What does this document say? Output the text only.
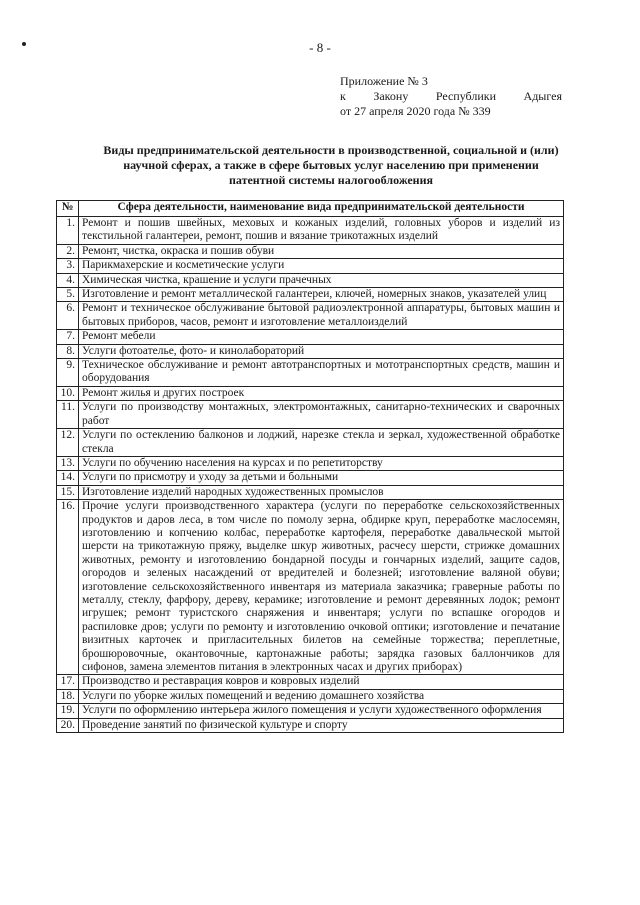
- 8 -
Приложение № 3
к Закону Республики Адыгея
от 27 апреля 2020 года № 339
Виды предпринимательской деятельности в производственной, социальной и (или) научной сферах, а также в сфере бытовых услуг населению при применении патентной системы налогообложения
№	Сфера деятельности, наименование вида предпринимательской деятельности
1.	Ремонт и пошив швейных, меховых и кожаных изделий, головных уборов и изделий из текстильной галантереи, ремонт, пошив и вязание трикотажных изделий
2.	Ремонт, чистка, окраска и пошив обуви
3.	Парикмахерские и косметические услуги
4.	Химическая чистка, крашение и услуги прачечных
5.	Изготовление и ремонт металлической галантереи, ключей, номерных знаков, указателей улиц
6.	Ремонт и техническое обслуживание бытовой радиоэлектронной аппаратуры, бытовых машин и бытовых приборов, часов, ремонт и изготовление металлоизделий
7.	Ремонт мебели
8.	Услуги фотоателье, фото- и кинолабораторий
9.	Техническое обслуживание и ремонт автотранспортных и мототранспортных средств, машин и оборудования
10.	Ремонт жилья и других построек
11.	Услуги по производству монтажных, электромонтажных, санитарно-технических и сварочных работ
12.	Услуги по остеклению балконов и лоджий, нарезке стекла и зеркал, художественной обработке стекла
13.	Услуги по обучению населения на курсах и по репетиторству
14.	Услуги по присмотру и уходу за детьми и больными
15.	Изготовление изделий народных художественных промыслов
16.	Прочие услуги производственного характера (услуги по переработке сельскохозяйственных продуктов и даров леса, в том числе по помолу зерна, обдирке круп, переработке маслосемян, изготовлению и копчению колбас, переработке картофеля, переработке давальческой мытой шерсти на трикотажную пряжу, выделке шкур животных, расчесу шерсти, стрижке домашних животных, ремонту и изготовлению бондарной посуды и гончарных изделий, защите садов, огородов и зеленых насаждений от вредителей и болезней; изготовление валяной обуви; изготовление сельскохозяйственного инвентаря из материала заказчика; граверные работы по металлу, стеклу, фарфору, дереву, керамике; изготовление и ремонт деревянных лодок; ремонт игрушек; ремонт туристского снаряжения и инвентаря; услуги по вспашке огородов и распиловке дров; услуги по ремонту и изготовлению очковой оптики; изготовление и печатание визитных карточек и пригласительных билетов на семейные торжества; переплетные, брошюровочные, окантовочные, картонажные работы; зарядка газовых баллончиков для сифонов, замена элементов питания в электронных часах и других приборах)
17.	Производство и реставрация ковров и ковровых изделий
18.	Услуги по уборке жилых помещений и ведению домашнего хозяйства
19.	Услуги по оформлению интерьера жилого помещения и услуги художественного оформления
20.	Проведение занятий по физической культуре и спорту
